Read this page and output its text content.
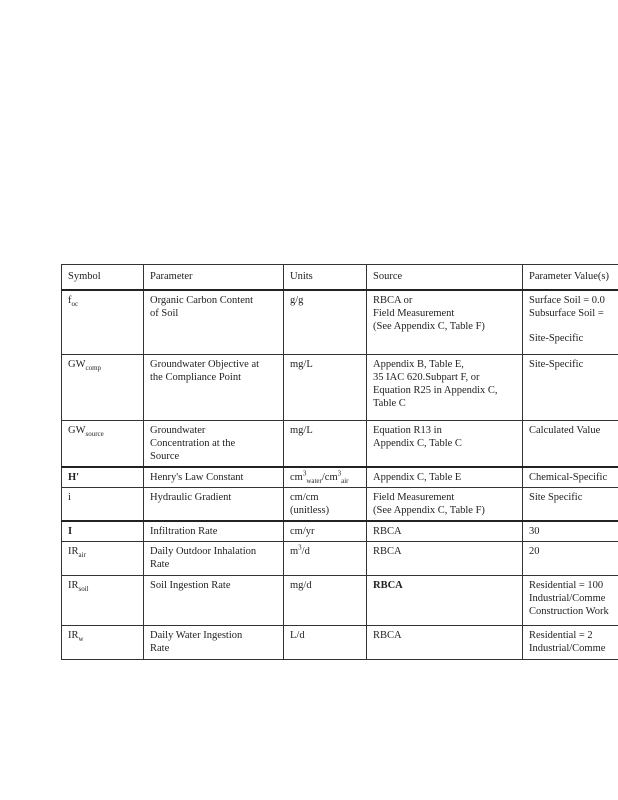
Symbol	Parameter	Units	Source	Parameter Value(s)
$f_{oc}$	Organic Carbon Content
of Soil	g/g	RBCA or
Field Measurement
(See Appendix C, Table F)	Surface Soil = 0.0
Subsurface Soil =
Site-Specific

$GW_{comp}$	Groundwater Objective at
the Compliance Point	mg/L	Appendix B, Table E,
35 IAC 620.Subpart F, or
Equation R25 in Appendix C,
Table C	Site-Specific

$GW_{source}$	Groundwater
Concentration at the
Source	mg/L	Equation R13 in
Appendix C, Table C	Calculated Value

H'	Henry's Law Constant	$cm^3_{water}/cm^3_{air}$	Appendix C, Table E	Chemical-Specific

i	Hydraulic Gradient	cm/cm
(unitless)	Field Measurement
(See Appendix C, Table F)	Site Specific

I	Infiltration Rate	cm/yr	RBCA	30

$IR_{air}$	Daily Outdoor Inhalation
Rate	$m^3/d$	RBCA	20

$IR_{soil}$	Soil Ingestion Rate	mg/d	RBCA	Residential = 100
Industrial/Comme
Construction Work

$IR_w$	Daily Water Ingestion
Rate	L/d	RBCA	Residential = 2
Industrial/Comme
